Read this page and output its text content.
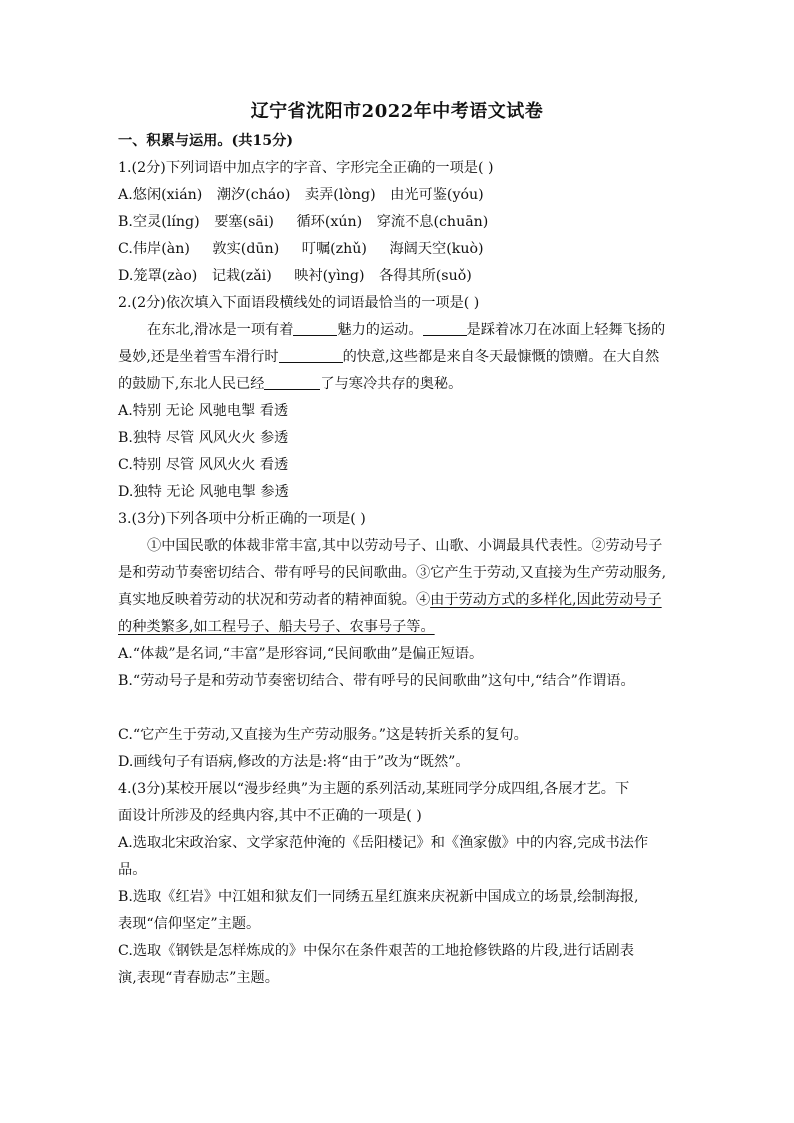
辽宁省沈阳市2022年中考语文试卷
一、积累与运用。(共15分)
1.(2分)下列词语中加点字的字音、字形完全正确的一项是( )
A.悠闲(xián) 潮汐(cháo) 卖弄(lòng) 由光可鉴(yóu)
B.空灵(líng) 要塞(sāi) 循环(xún) 穿流不息(chuān)
C.伟岸(àn) 敦实(dūn) 叮嘱(zhǔ) 海阔天空(kuò)
D.笼罩(zào) 记栽(zǎi) 映衬(yìng) 各得其所(suǒ)
2.(2分)依次填入下面语段横线处的词语最恰当的一项是( )
在东北,滑冰是一项有着	魅力的运动。	是踩着冰刀在冰面上轻舞飞扬的
曼妙,还是坐着雪车滑行时	的快意,这些都是来自冬天最慷慨的馈赠。在大自然
的鼓励下,东北人民已经	了与寒冷共存的奥秘。
A.特别 无论 风驰电掣 看透
B.独特 尽管 风风火火 参透
C.特别 尽管 风风火火 看透
D.独特 无论 风驰电掣 参透
3.(3分)下列各项中分析正确的一项是( )
①中国民歌的体裁非常丰富,其中以劳动号子、山歌、小调最具代表性。②劳动号子
是和劳动节奏密切结合、带有呼号的民间歌曲。③它产生于劳动,又直接为生产劳动服务,
真实地反映着劳动的状况和劳动者的精神面貌。④由于劳动方式的多样化,因此劳动号子
的种类繁多,如工程号子、船夫号子、农事号子等。
A.“体裁”是名词,“丰富”是形容词,“民间歌曲”是偏正短语。
B.“劳动号子是和劳动节奏密切结合、带有呼号的民间歌曲”这句中,“结合”作谓语。
C.“它产生于劳动,又直接为生产劳动服务。”这是转折关系的复句。
D.画线句子有语病,修改的方法是:将“由于”改为“既然”。
4.(3分)某校开展以“漫步经典”为主题的系列活动,某班同学分成四组,各展才艺。下
面设计所涉及的经典内容,其中不正确的一项是( )
A.选取北宋政治家、文学家范仲淹的《岳阳楼记》和《渔家傲》中的内容,完成书法作
品。
B.选取《红岩》中江姐和狱友们一同绣五星红旗来庆祝新中国成立的场景,绘制海报,
表现“信仰坚定”主题。
C.选取《钢铁是怎样炼成的》中保尔在条件艰苦的工地抢修铁路的片段,进行话剧表
演,表现“青春励志”主题。
